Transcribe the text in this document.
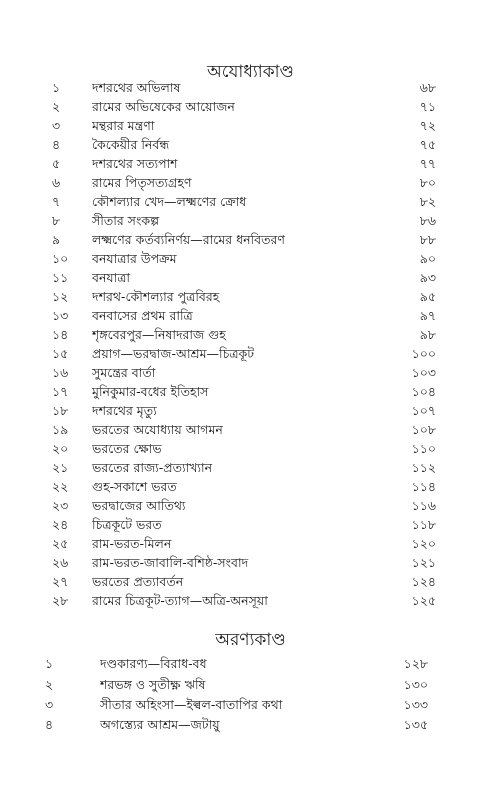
অযোধ্যাকাণ্ড
১	দশরথের অভিলাষ	৬৮
২	রামের অভিষেকের আয়োজন	৭১
৩	মন্থরার মন্ত্রণা	৭২
৪	কৈকেয়ীর নির্বন্ধ	৭৫
৫	দশরথের সত্যপাশ	৭৭
৬	রামের পিতৃসত্যগ্রহণ	৮০
৭	কৌশল্যার খেদ—লক্ষ্মণের ক্রোধ	৮২
৮	সীতার সংকল্প	৮৬
৯	লক্ষ্মণের কর্তব্যনির্ণয়—রামের ধনবিতরণ	৮৮
১০	বনযাত্রার উপক্রম	৯০
১১	বনযাত্রা	৯৩
১২	দশরথ-কৌশল্যার পুত্রবিরহ	৯৫
১৩	বনবাসের প্রথম রাত্রি	৯৭
১৪	শৃঙ্গবেরপুর—নিষাদরাজ গুহ	৯৮
১৫	প্রয়াগ—ভরদ্বাজ-আশ্রম—চিত্রকূট	১০০
১৬	সুমন্ত্রের বার্তা	১০৩
১৭	মুনিকুমার-বধের ইতিহাস	১০৪
১৮	দশরথের মৃত্যু	১০৭
১৯	ভরতের অযোধ্যায় আগমন	১০৮
২০	ভরতের ক্ষোভ	১১০
২১	ভরতের রাজ্য-প্রত্যাখ্যান	১১২
২২	গুহ-সকাশে ভরত	১১৪
২৩	ভরদ্বাজের আতিথ্য	১১৬
২৪	চিত্রকূটে ভরত	১১৮
২৫	রাম-ভরত-মিলন	১২০
২৬	রাম-ভরত-জাবালি-বশিষ্ঠ-সংবাদ	১২১
২৭	ভরতের প্রত্যাবর্তন	১২৪
২৮	রামের চিত্রকূট-ত্যাগ—অত্রি-অনসূয়া	১২৫
অরণ্যকাণ্ড
১	দণ্ডকারণ্য—বিরাধ-বধ	১২৮
২	শরভঙ্গ ও সুতীক্ষ্ণ ঋষি	১৩০
৩	সীতার অহিংসা—ইল্বল-বাতাপির কথা	১৩৩
৪	অগস্ত্যের আশ্রম—জটায়ু	১৩৫
